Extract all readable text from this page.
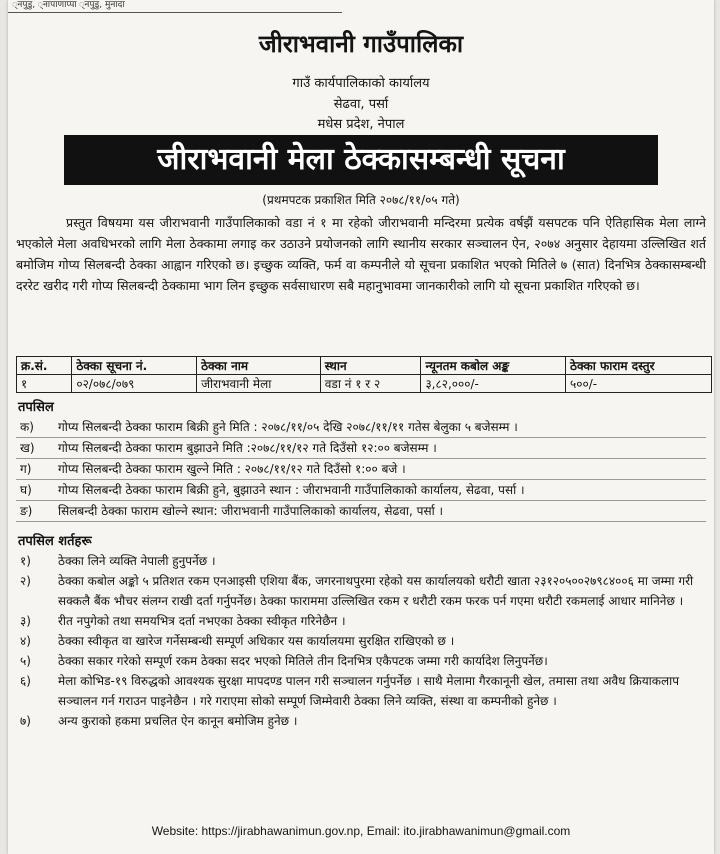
्नपुडु, ्नापाणाप्पा ्नपुडु, मुनादा
जीराभवानी गाउँपालिका
गाउँ कार्यपालिकाको कार्यालय
सेढवा, पर्सा
मधेस प्रदेश, नेपाल
जीराभवानी मेला ठेक्कासम्बन्धी सूचना
(प्रथमपटक प्रकाशित मिति २०७८/११/०५ गते)
प्रस्तुत विषयमा यस जीराभवानी गाउँपालिकाको वडा नं १ मा रहेको जीराभवानी मन्दिरमा प्रत्येक वर्षझैं यसपटक पनि ऐतिहासिक मेला लाग्ने भएकोले मेला अवधिभरको लागि मेला ठेक्कामा लगाइ कर उठाउने प्रयोजनको लागि स्थानीय सरकार सञ्चालन ऐन, २०७४ अनुसार देहायमा उल्लिखित शर्त बमोजिम गोप्य सिलबन्दी ठेक्का आह्वान गरिएको छ। इच्छुक व्यक्ति, फर्म वा कम्पनीले यो सूचना प्रकाशित भएको मितिले ७ (सात) दिनभित्र ठेक्कासम्बन्धी दररेट खरीद गरी गोप्य सिलबन्दी ठेक्कामा भाग लिन इच्छुक सर्वसाधारण सबै महानुभावमा जानकारीको लागि यो सूचना प्रकाशित गरिएको छ।
क्र.सं.	ठेक्का सूचना नं.	ठेक्का नाम	स्थान	न्यूनतम कबोल अङ्क	ठेक्का फाराम दस्तुर
१	०२/०७८/०७९	जीराभवानी मेला	वडा नं १ र २	३,८२,०००/-	५००/-
तपसिल
क) गोप्य सिलबन्दी ठेक्का फाराम बिक्री हुने मिति : २०७८/११/०५ देखि २०७८/११/११ गतेस बेलुका ५ बजेसम्म ।
ख) गोप्य सिलबन्दी ठेक्का फाराम बुझाउने मिति :२०७८/११/१२ गते दिउँसो १२:०० बजेसम्म ।
ग) गोप्य सिलबन्दी ठेक्का फाराम खुल्ने मिति : २०७८/११/१२ गते दिउँसो १:०० बजे ।
घ) गोप्य सिलबन्दी ठेक्का फाराम बिक्री हुने, बुझाउने स्थान : जीराभवानी गाउँपालिकाको कार्यालय, सेढवा, पर्सा ।
ङ) सिलबन्दी ठेक्का फाराम खोल्ने स्थान: जीराभवानी गाउँपालिकाको कार्यालय, सेढवा, पर्सा ।
तपसिल शर्तहरू
१) ठेक्का लिने व्यक्ति नेपाली हुनुपर्नेछ ।
२) ठेक्का कबोल अङ्को ५ प्रतिशत रकम एनआइसी एशिया बैंक, जगरनाथपुरमा रहेको यस कार्यालयको धरौटी खाता २३१२०५००२७९८४००६ मा जम्मा गरी सक्कलै बैंक भौचर संलग्न राखी दर्ता गर्नुपर्नेछ। ठेक्का फाराममा उल्लिखित रकम र धरौटी रकम फरक पर्न गएमा धरौटी रकमलाई आधार मानिनेछ ।
३) रीत नपुगेको तथा समयभित्र दर्ता नभएका ठेक्का स्वीकृत गरिनेछैन ।
४) ठेक्का स्वीकृत वा खारेज गर्नेसम्बन्धी सम्पूर्ण अधिकार यस कार्यालयमा सुरक्षित राखिएको छ ।
५) ठेक्का सकार गरेको सम्पूर्ण रकम ठेक्का सदर भएको मितिले तीन दिनभित्र एकैपटक जम्मा गरी कार्यादेश लिनुपर्नेछ।
६) मेला कोभिड-१९ विरुद्धको आवश्यक सुरक्षा मापदण्ड पालन गरी सञ्चालन गर्नुपर्नेछ । साथै मेलामा गैरकानूनी खेल, तमासा तथा अवैध क्रियाकलाप सञ्चालन गर्न गराउन पाइनेछैन । गरे गराएमा सोको सम्पूर्ण जिम्मेवारी ठेक्का लिने व्यक्ति, संस्था वा कम्पनीको हुनेछ ।
७) अन्य कुराको हकमा प्रचलित ऐन कानून बमोजिम हुनेछ ।
Website: https://jirabhawanimun.gov.np, Email: ito.jirabhawanimun@gmail.com
